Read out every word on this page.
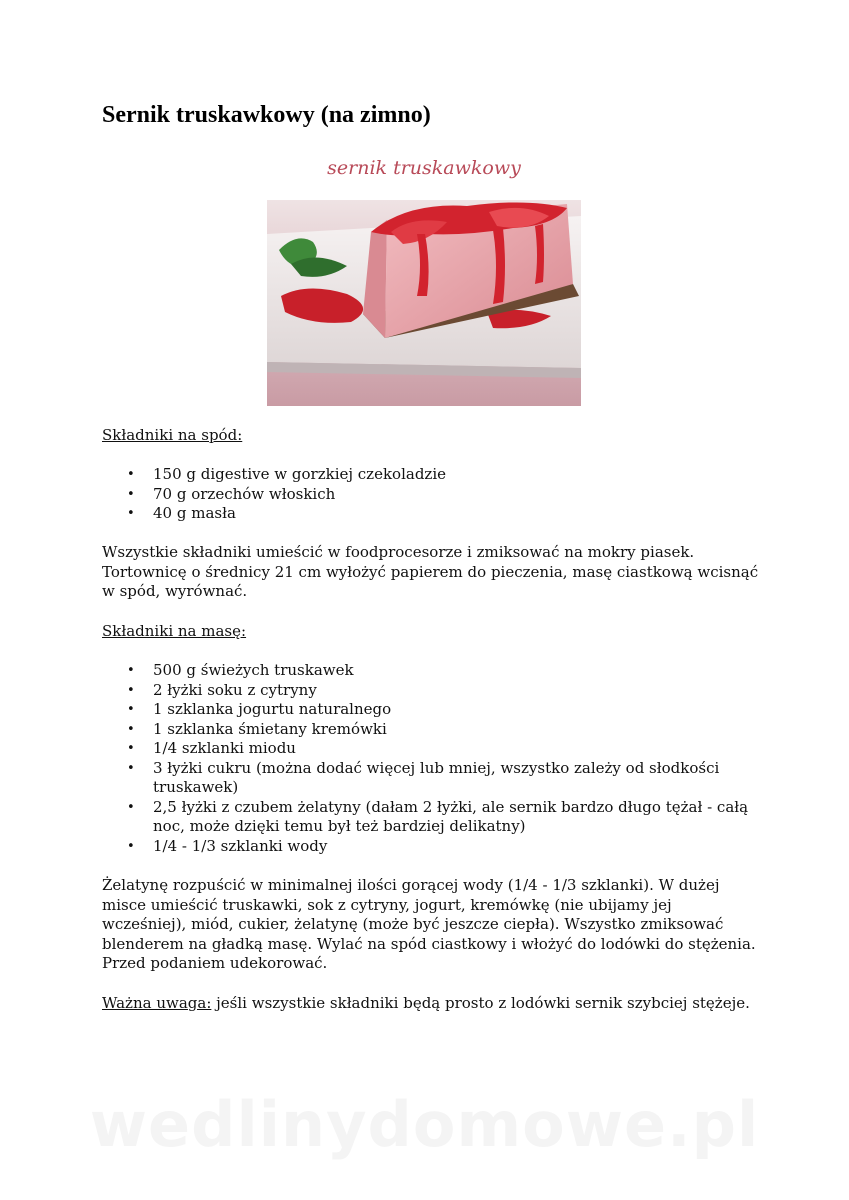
Sernik truskawkowy (na zimno)
sernik truskawkowy
Składniki na spód:
• 150 g digestive w gorzkiej czekoladzie
• 70 g orzechów włoskich
• 40 g masła
Wszystkie składniki umieścić w foodprocesorze i zmiksować na mokry piasek.
Tortownicę o średnicy 21 cm wyłożyć papierem do pieczenia, masę ciastkową wcisnąć
w spód, wyrównać.
Składniki na masę:
• 500 g świeżych truskawek
• 2 łyżki soku z cytryny
• 1 szklanka jogurtu naturalnego
• 1 szklanka śmietany kremówki
• 1/4 szklanki miodu
• 3 łyżki cukru (można dodać więcej lub mniej, wszystko zależy od słodkości
truskawek)
• 2,5 łyżki z czubem żelatyny (dałam 2 łyżki, ale sernik bardzo długo tężał - całą
noc, może dzięki temu był też bardziej delikatny)
• 1/4 - 1/3 szklanki wody
Żelatynę rozpuścić w minimalnej ilości gorącej wody (1/4 - 1/3 szklanki). W dużej
misce umieścić truskawki, sok z cytryny, jogurt, kremówkę (nie ubijamy jej
wcześniej), miód, cukier, żelatynę (może być jeszcze ciepła). Wszystko zmiksować
blenderem na gładką masę. Wylać na spód ciastkowy i włożyć do lodówki do stężenia.
Przed podaniem udekorować.
Ważna uwaga: jeśli wszystkie składniki będą prosto z lodówki sernik szybciej stężeje.
wedlinydomowe.pl
